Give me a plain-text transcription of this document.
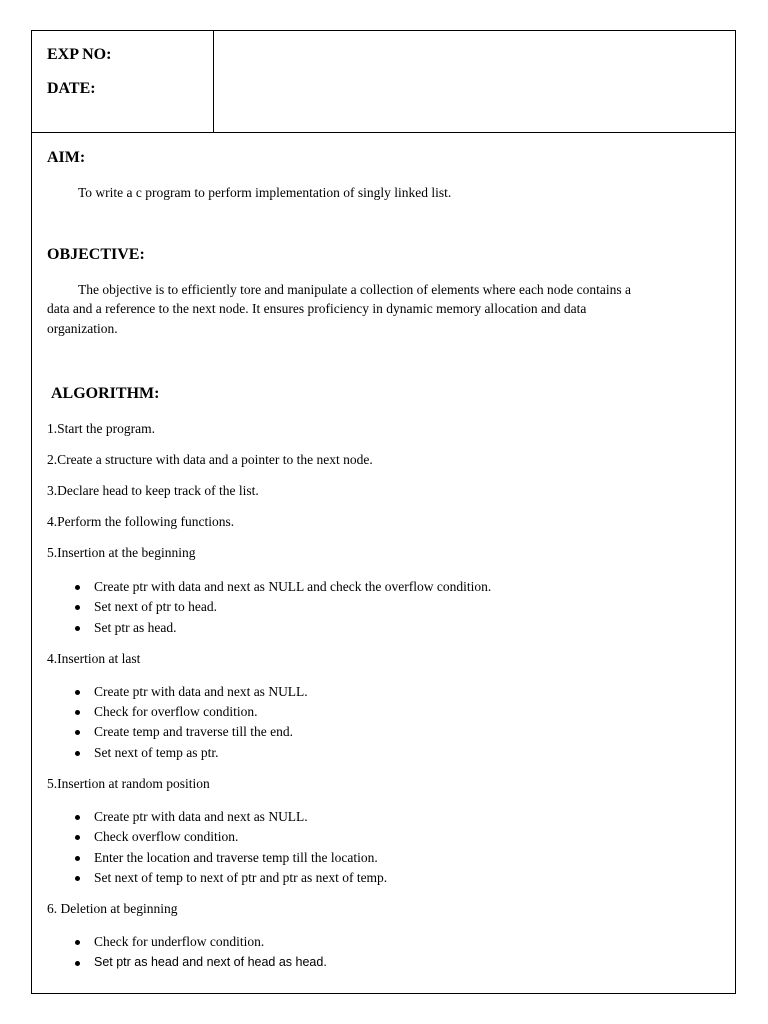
EXP NO:
DATE:
AIM:
To write a c program to perform implementation of singly linked list.
OBJECTIVE:
The objective is to efficiently tore and manipulate a collection of elements where each node contains a
data and a reference to the next node. It ensures proficiency in dynamic memory allocation and data
organization.
ALGORITHM:
1.Start the program.
2.Create a structure with data and a pointer to the next node.
3.Declare head to keep track of the list.
4.Perform the following functions.
5.Insertion at the beginning
Create ptr with data and next as NULL and check the overflow condition.
Set next of ptr to head.
Set ptr as head.
4.Insertion at last
Create ptr with data and next as NULL.
Check for overflow condition.
Create temp and traverse till the end.
Set next of temp as ptr.
5.Insertion at random position
Create ptr with data and next as NULL.
Check overflow condition.
Enter the location and traverse temp till the location.
Set next of temp to next of ptr and ptr as next of temp.
6. Deletion at beginning
Check for underflow condition.
Set ptr as head and next of head as head.
